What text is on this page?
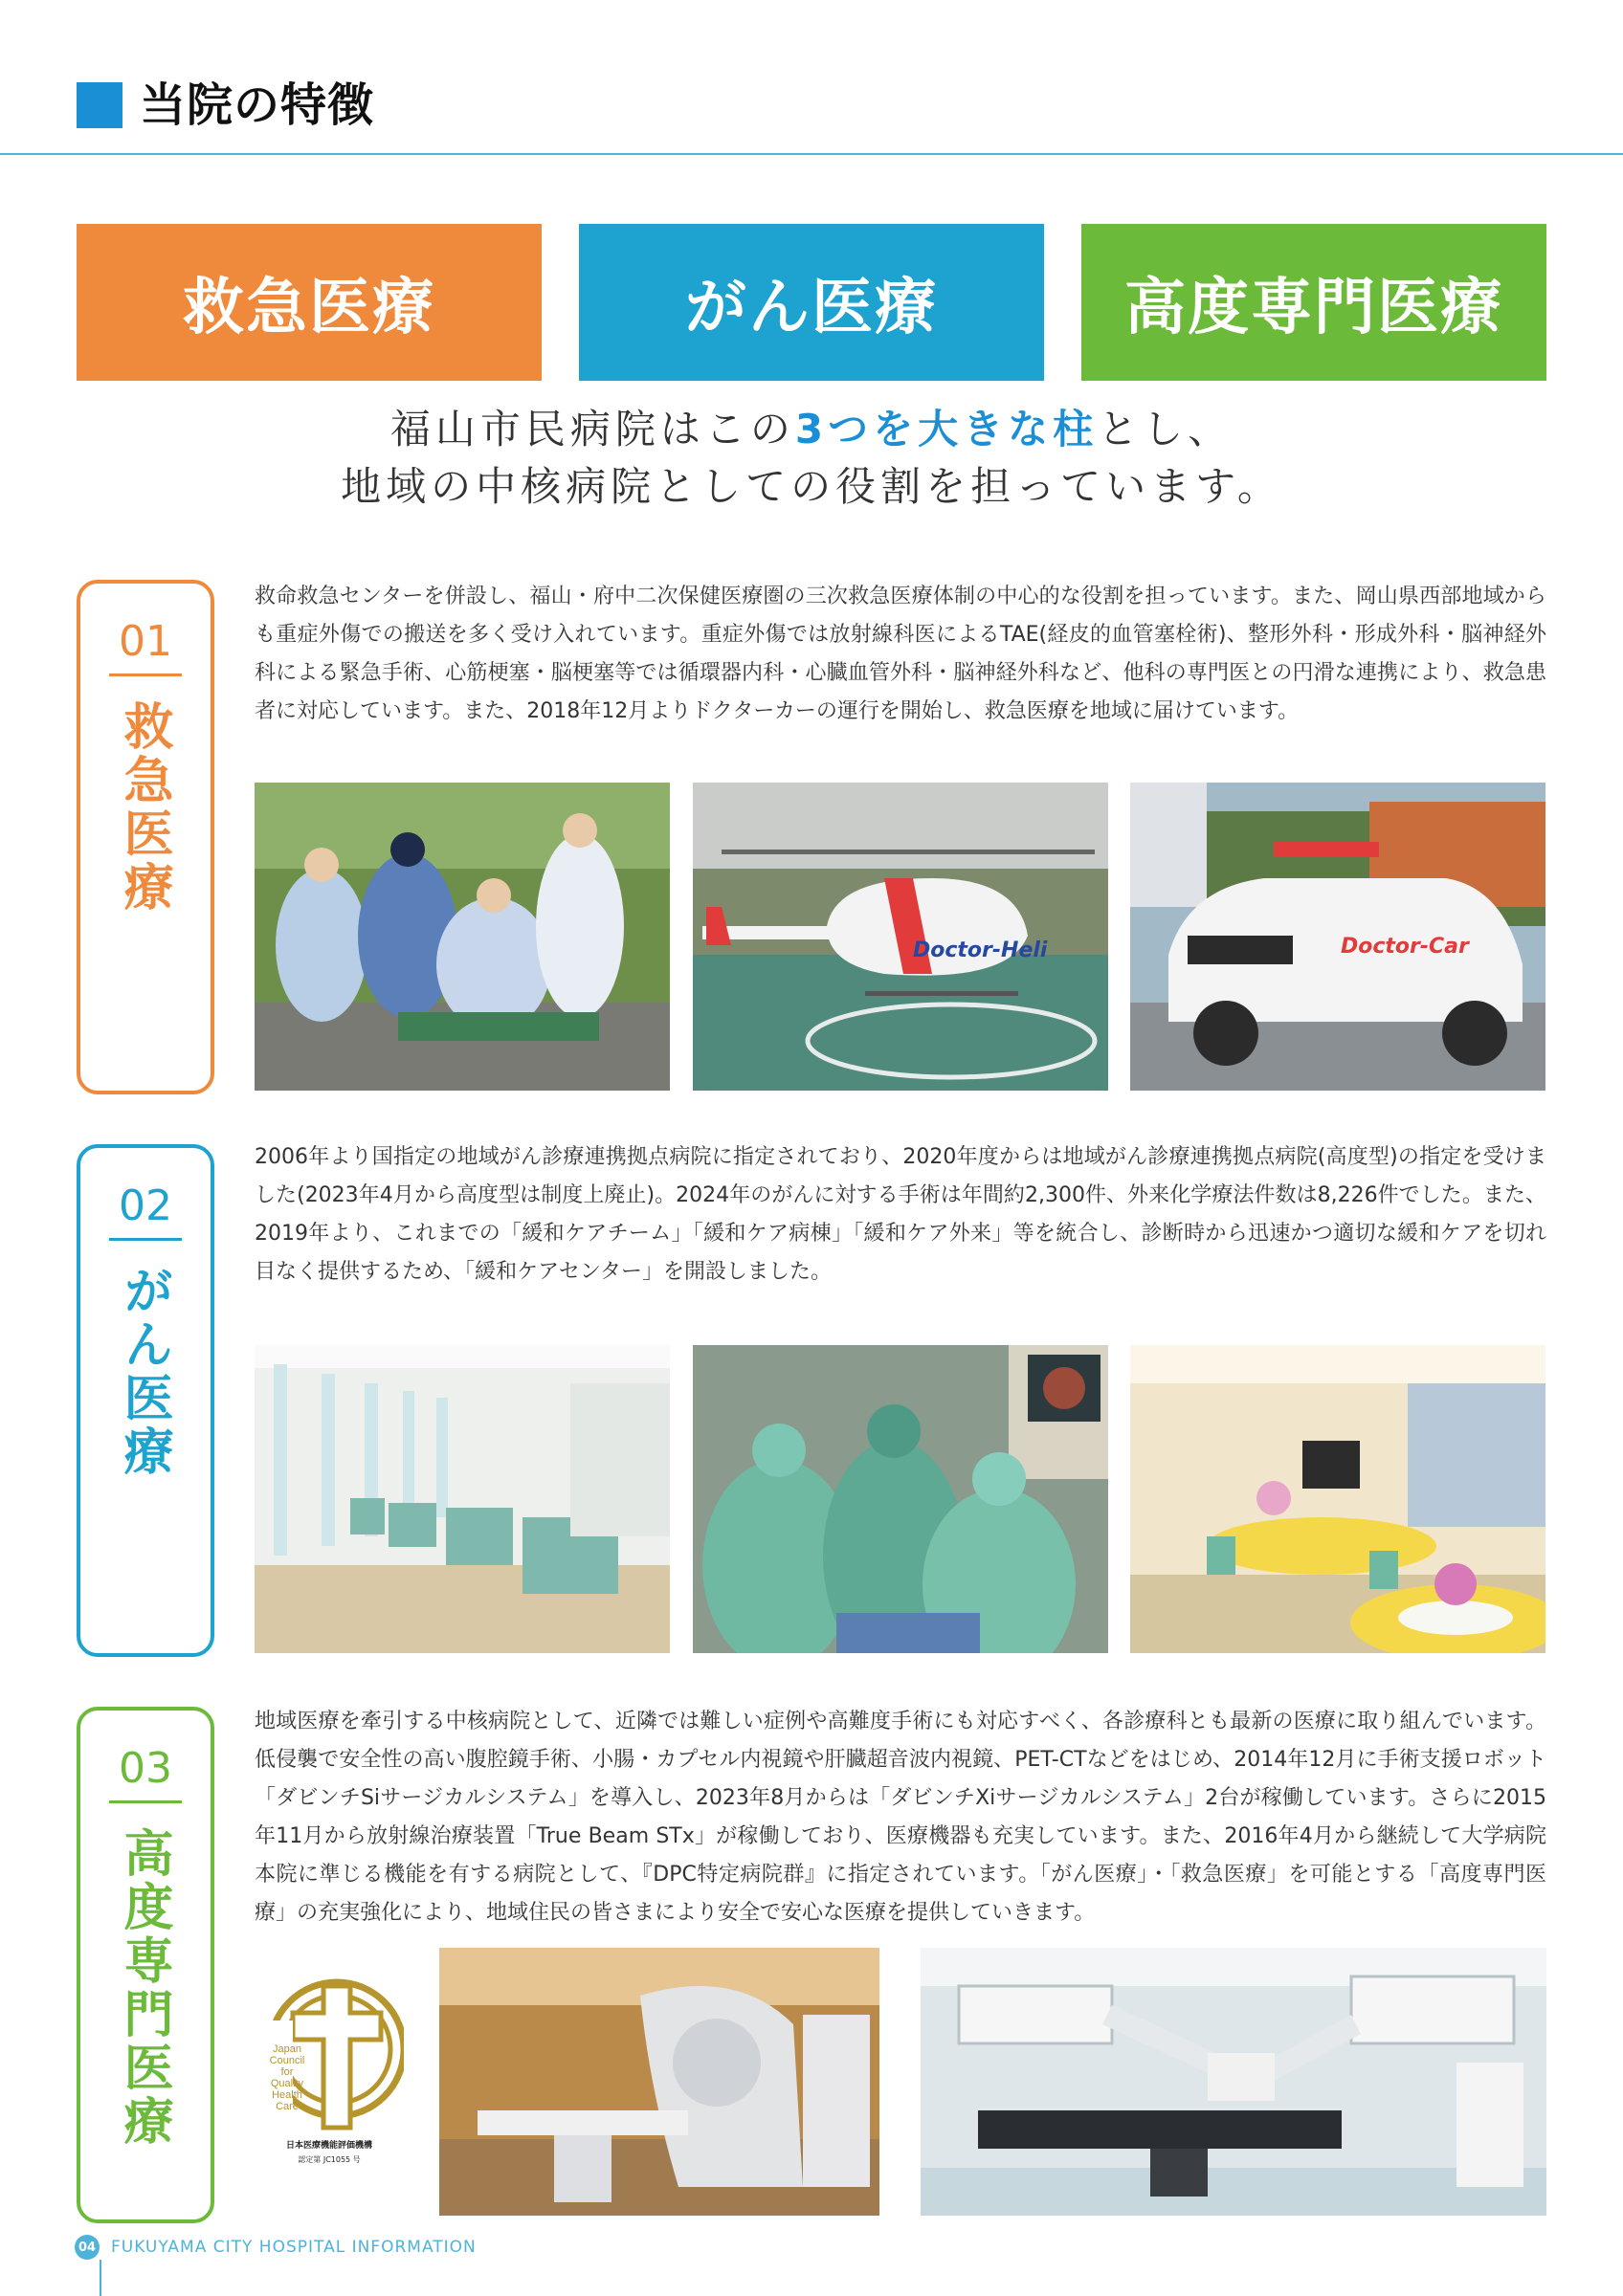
当院の特徴
救急医療	がん医療	高度専門医療
福山市民病院はこの3つを大きな柱とし、
地域の中核病院としての役割を担っています。
01
救急医療
救命救急センターを併設し、福山・府中二次保健医療圏の三次救急医療体制の中心的な役割を担っています。また、岡山県西部地域からも重症外傷での搬送を多く受け入れています。重症外傷では放射線科医によるTAE(経皮的血管塞栓術)、整形外科・形成外科・脳神経外科による緊急手術、心筋梗塞・脳梗塞等では循環器内科・心臓血管外科・脳神経外科など、他科の専門医との円滑な連携により、救急患者に対応しています。また、2018年12月よりドクターカーの運行を開始し、救急医療を地域に届けています。
Doctor-Heli	Doctor-Car
02
がん医療
2006年より国指定の地域がん診療連携拠点病院に指定されており、2020年度からは地域がん診療連携拠点病院(高度型)の指定を受けました(2023年4月から高度型は制度上廃止)。2024年のがんに対する手術は年間約2,300件、外来化学療法件数は8,226件でした。また、2019年より、これまでの「緩和ケアチーム」「緩和ケア病棟」「緩和ケア外来」等を統合し、診断時から迅速かつ適切な緩和ケアを切れ目なく提供するため、「緩和ケアセンター」を開設しました。
03
高度専門医療
地域医療を牽引する中核病院として、近隣では難しい症例や高難度手術にも対応すべく、各診療科とも最新の医療に取り組んでいます。低侵襲で安全性の高い腹腔鏡手術、小腸・カプセル内視鏡や肝臓超音波内視鏡、PET-CTなどをはじめ、2014年12月に手術支援ロボット「ダビンチSiサージカルシステム」を導入し、2023年8月からは「ダビンチXiサージカルシステム」2台が稼働しています。さらに2015年11月から放射線治療装置「True Beam STx」が稼働しており、医療機器も充実しています。また、2016年4月から継続して大学病院本院に準じる機能を有する病院として、『DPC特定病院群』に指定されています。「がん医療」・「救急医療」を可能とする「高度専門医療」の充実強化により、地域住民の皆さまにより安全で安心な医療を提供していきます。
Japan
Council
for
Quality
Health
Care
日本医療機能評価機構
認定第 JC1055 号
04 FUKUYAMA CITY HOSPITAL INFORMATION
